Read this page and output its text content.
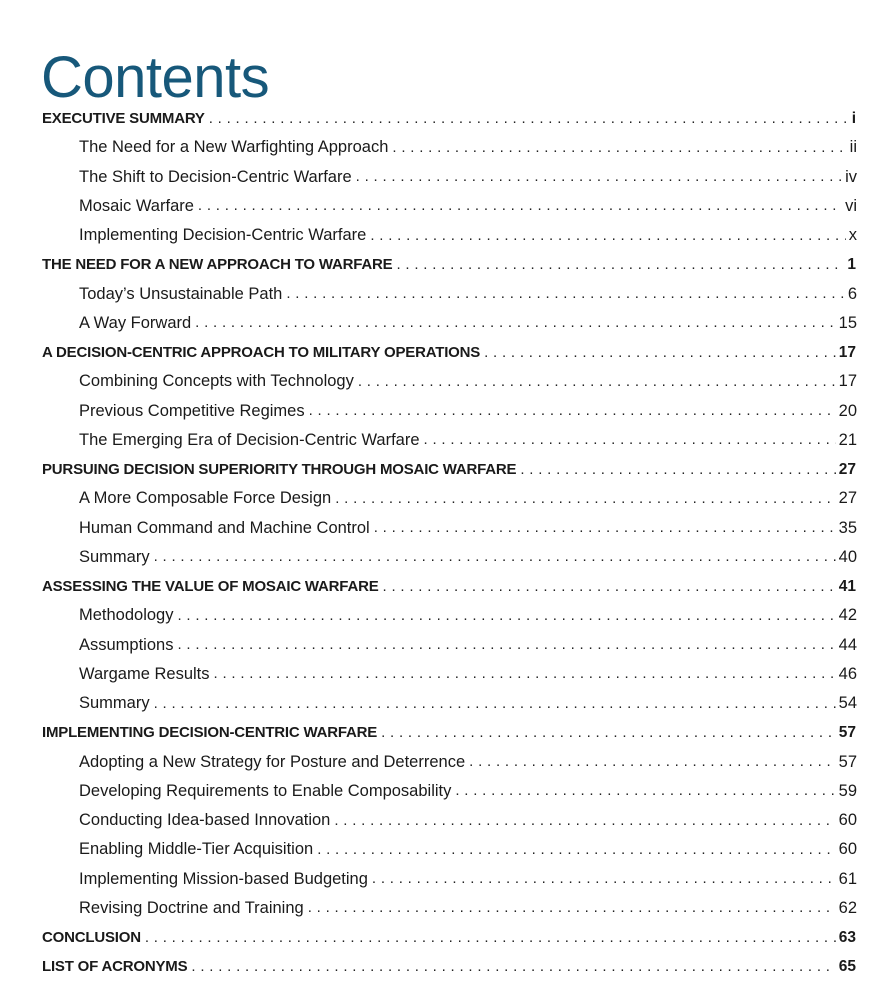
Contents
EXECUTIVE SUMMARY . . .	i
The Need for a New Warfighting Approach . . .	ii
The Shift to Decision-Centric Warfare . . .	iv
Mosaic Warfare . . .	vi
Implementing Decision-Centric Warfare . . .	x
THE NEED FOR A NEW APPROACH TO WARFARE . . .	1
Today’s Unsustainable Path . . .	6
A Way Forward . . .	15
A DECISION-CENTRIC APPROACH TO MILITARY OPERATIONS . . .	17
Combining Concepts with Technology . . .	17
Previous Competitive Regimes . . .	20
The Emerging Era of Decision-Centric Warfare . . .	21
PURSUING DECISION SUPERIORITY THROUGH MOSAIC WARFARE . . .	27
A More Composable Force Design . . .	27
Human Command and Machine Control . . .	35
Summary . . .	40
ASSESSING THE VALUE OF MOSAIC WARFARE . . .	41
Methodology . . .	42
Assumptions . . .	44
Wargame Results . . .	46
Summary . . .	54
IMPLEMENTING DECISION-CENTRIC WARFARE . . .	57
Adopting a New Strategy for Posture and Deterrence . . .	57
Developing Requirements to Enable Composability . . .	59
Conducting Idea-based Innovation . . .	60
Enabling Middle-Tier Acquisition . . .	60
Implementing Mission-based Budgeting . . .	61
Revising Doctrine and Training . . .	62
CONCLUSION . . .	63
LIST OF ACRONYMS . . .	65
